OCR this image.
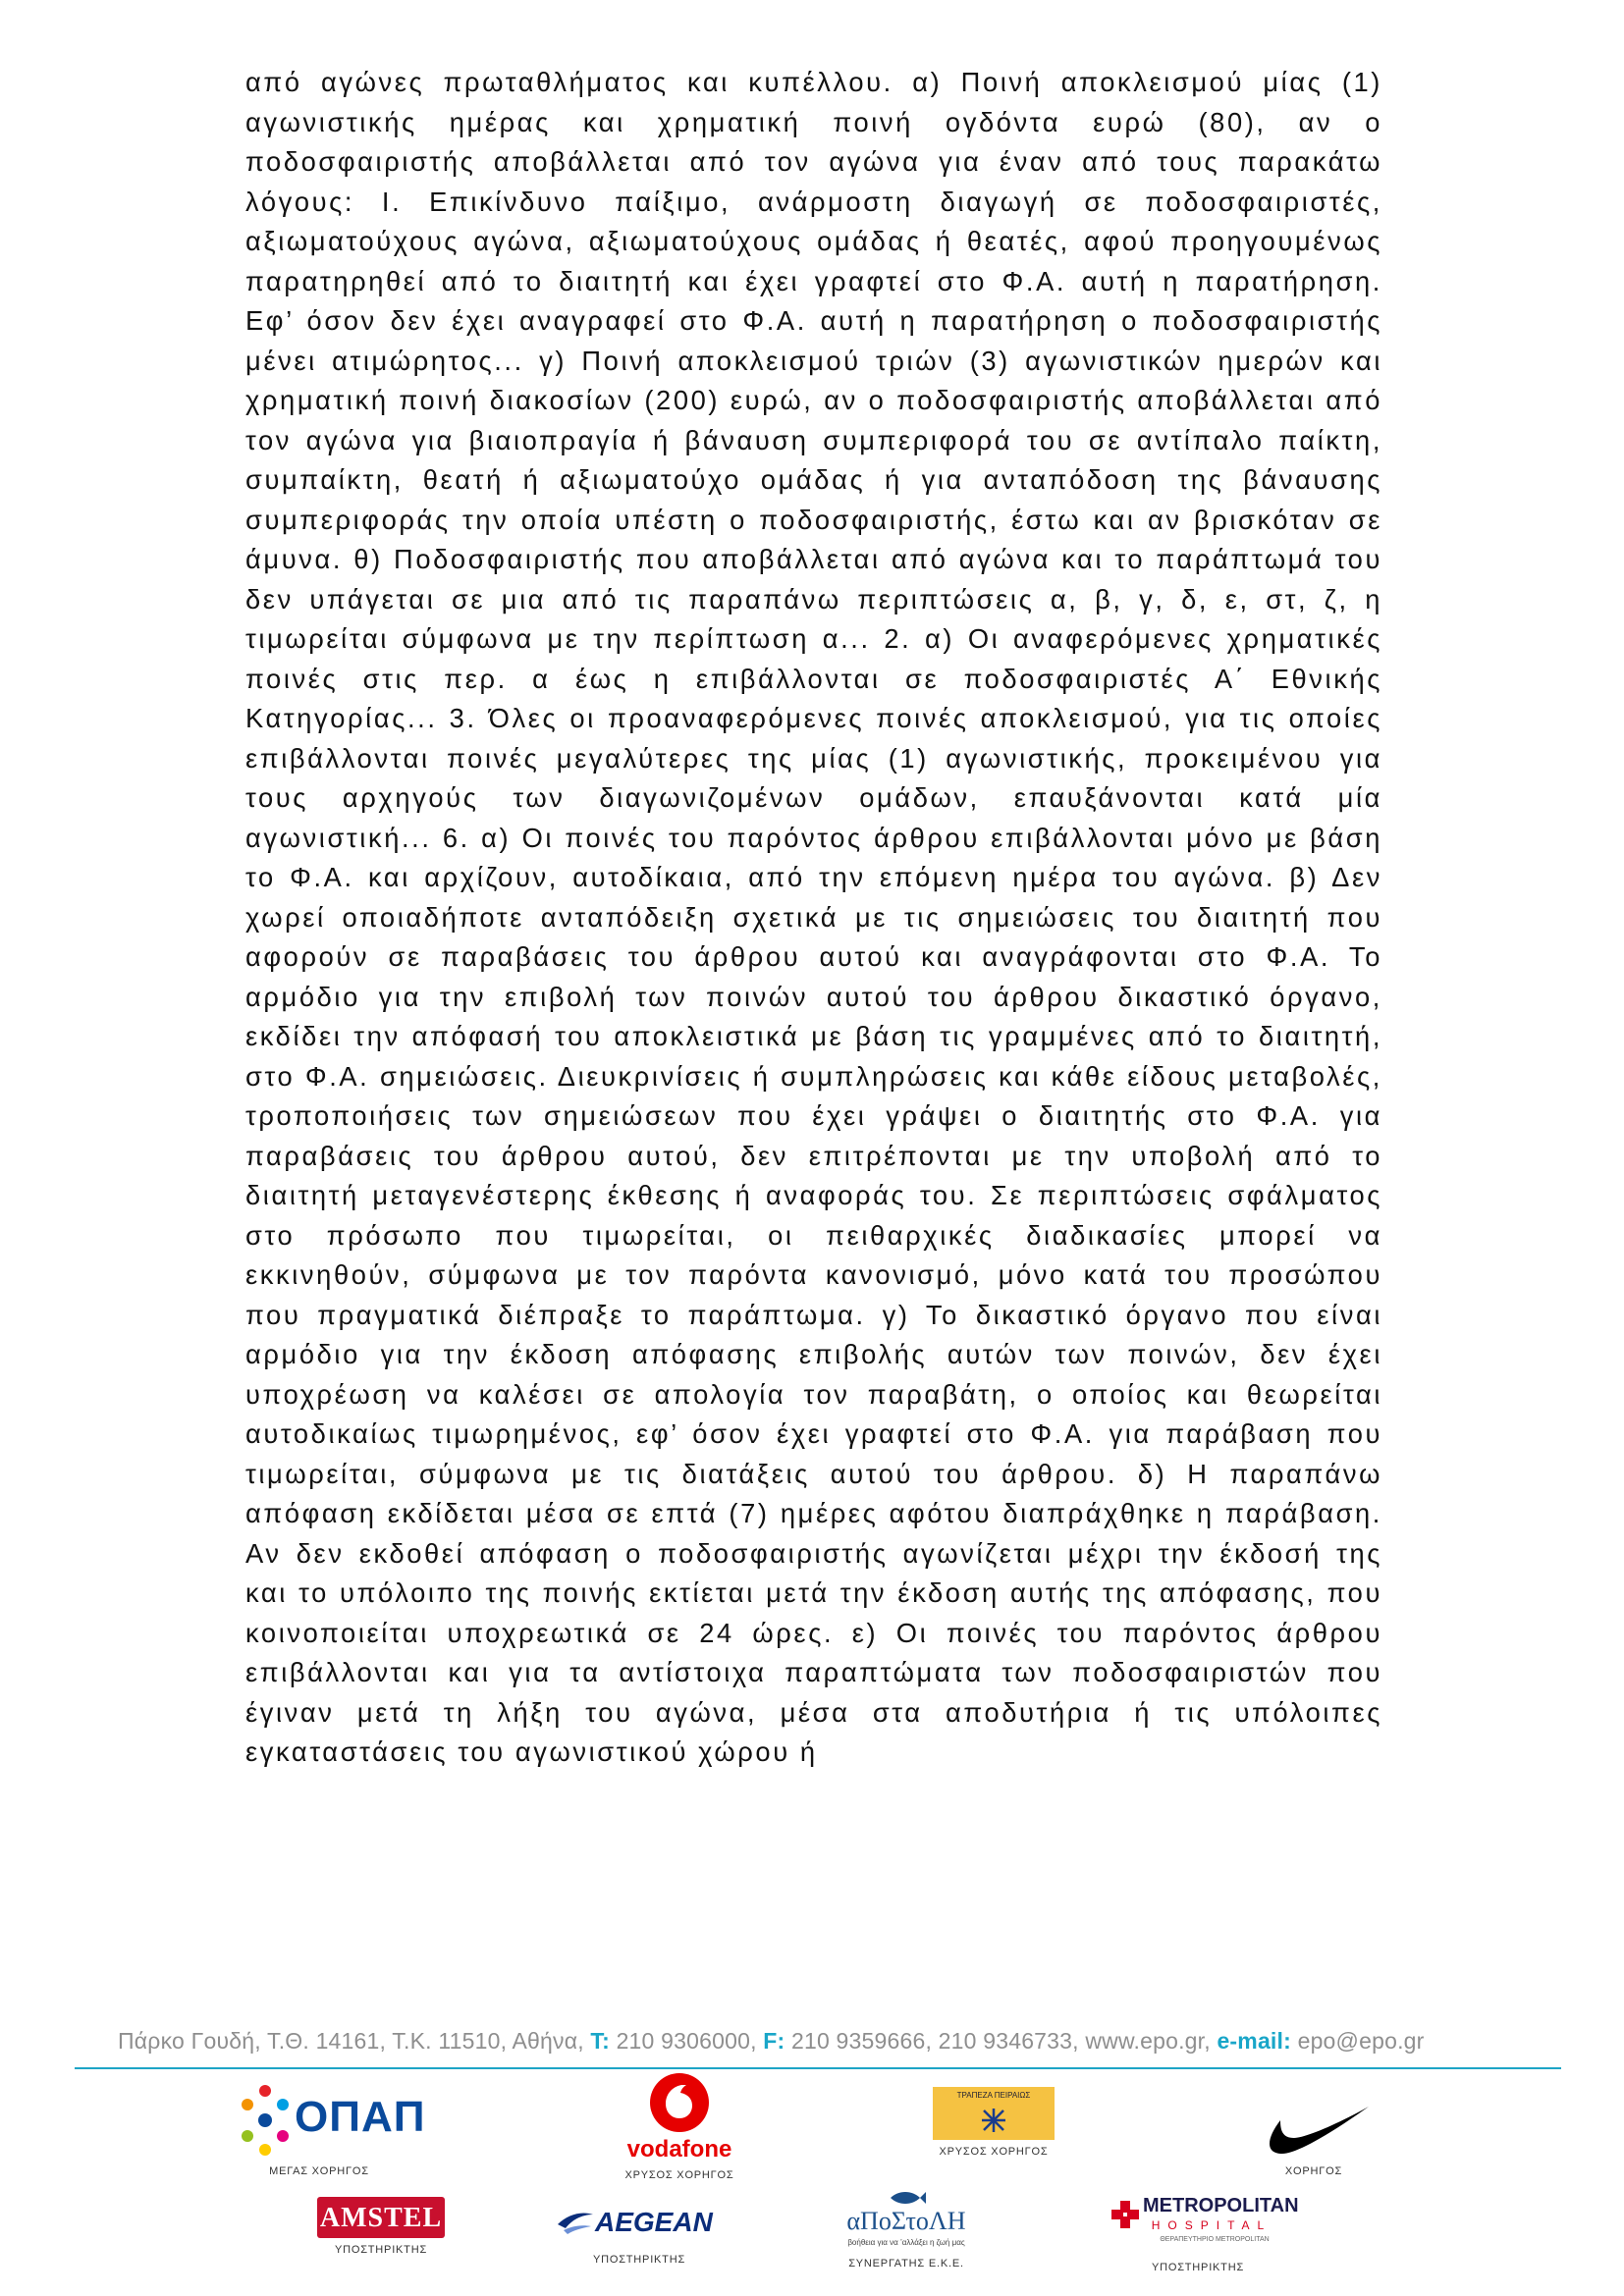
από αγώνες πρωταθλήματος και κυπέλλου. α) Ποινή αποκλεισμού μίας (1) αγωνιστικής ημέρας και χρηματική ποινή ογδόντα ευρώ (80), αν ο ποδοσφαιριστής αποβάλλεται από τον αγώνα για έναν από τους παρακάτω λόγους: Ι. Επικίνδυνο παίξιμο, ανάρμοστη διαγωγή σε ποδοσφαιριστές, αξιωματούχους αγώνα, αξιωματούχους ομάδας ή θεατές, αφού προηγουμένως παρατηρηθεί από το διαιτητή και έχει γραφτεί στο Φ.Α. αυτή η παρατήρηση. Εφ’ όσον δεν έχει αναγραφεί στο Φ.Α. αυτή η παρατήρηση ο ποδοσφαιριστής μένει ατιμώρητος... γ) Ποινή αποκλεισμού τριών (3) αγωνιστικών ημερών και χρηματική ποινή διακοσίων (200) ευρώ, αν ο ποδοσφαιριστής αποβάλλεται από τον αγώνα για βιαιοπραγία ή βάναυση συμπεριφορά του σε αντίπαλο παίκτη, συμπαίκτη, θεατή ή αξιωματούχο ομάδας ή για ανταπόδοση της βάναυσης συμπεριφοράς την οποία υπέστη ο ποδοσφαιριστής, έστω και αν βρισκόταν σε άμυνα. θ) Ποδοσφαιριστής που αποβάλλεται από αγώνα και το παράπτωμά του δεν υπάγεται σε μια από τις παραπάνω περιπτώσεις α, β, γ, δ, ε, στ, ζ, η τιμωρείται σύμφωνα με την περίπτωση α... 2. α) Οι αναφερόμενες χρηματικές ποινές στις περ. α έως η επιβάλλονται σε ποδοσφαιριστές Α΄ Εθνικής Κατηγορίας... 3. Όλες οι προαναφερόμενες ποινές αποκλεισμού, για τις οποίες επιβάλλονται ποινές μεγαλύτερες της μίας (1) αγωνιστικής, προκειμένου για τους αρχηγούς των διαγωνιζομένων ομάδων, επαυξάνονται κατά μία αγωνιστική... 6. α) Οι ποινές του παρόντος άρθρου επιβάλλονται μόνο με βάση το Φ.Α. και αρχίζουν, αυτοδίκαια, από την επόμενη ημέρα του αγώνα. β) Δεν χωρεί οποιαδήποτε ανταπόδειξη σχετικά με τις σημειώσεις του διαιτητή που αφορούν σε παραβάσεις του άρθρου αυτού και αναγράφονται στο Φ.Α. Το αρμόδιο για την επιβολή των ποινών αυτού του άρθρου δικαστικό όργανο, εκδίδει την απόφασή του αποκλειστικά με βάση τις γραμμένες από το διαιτητή, στο Φ.Α. σημειώσεις. Διευκρινίσεις ή συμπληρώσεις και κάθε είδους μεταβολές, τροποποιήσεις των σημειώσεων που έχει γράψει ο διαιτητής στο Φ.Α. για παραβάσεις του άρθρου αυτού, δεν επιτρέπονται με την υποβολή από το διαιτητή μεταγενέστερης έκθεσης ή αναφοράς του. Σε περιπτώσεις σφάλματος στο πρόσωπο που τιμωρείται, οι πειθαρχικές διαδικασίες μπορεί να εκκινηθούν, σύμφωνα με τον παρόντα κανονισμό, μόνο κατά του προσώπου που πραγματικά διέπραξε το παράπτωμα. γ) Το δικαστικό όργανο που είναι αρμόδιο για την έκδοση απόφασης επιβολής αυτών των ποινών, δεν έχει υποχρέωση να καλέσει σε απολογία τον παραβάτη, ο οποίος και θεωρείται αυτοδικαίως τιμωρημένος, εφ’ όσον έχει γραφτεί στο Φ.Α. για παράβαση που τιμωρείται, σύμφωνα με τις διατάξεις αυτού του άρθρου. δ) Η παραπάνω απόφαση εκδίδεται μέσα σε επτά (7) ημέρες αφότου διαπράχθηκε η παράβαση. Αν δεν εκδοθεί απόφαση ο ποδοσφαιριστής αγωνίζεται μέχρι την έκδοσή της και το υπόλοιπο της ποινής εκτίεται μετά την έκδοση αυτής της απόφασης, που κοινοποιείται υποχρεωτικά σε 24 ώρες. ε) Οι ποινές του παρόντος άρθρου επιβάλλονται και για τα αντίστοιχα παραπτώματα των ποδοσφαιριστών που έγιναν μετά τη λήξη του αγώνα, μέσα στα αποδυτήρια ή τις υπόλοιπες εγκαταστάσεις του αγωνιστικού χώρου ή

Πάρκο Γουδή, Τ.Θ. 14161, Τ.Κ. 11510, Αθήνα, T: 210 9306000, F: 210 9359666, 210 9346733, www.epo.gr, e-mail: epo@epo.gr
ΟΠΑΠ
ΜΕΓΑΣ ΧΟΡΗΓΟΣ
vodafone
ΧΡΥΣΟΣ ΧΟΡΗΓΟΣ
ΤΡΑΠΕΖΑ ΠΕΙΡΑΙΩΣ
ΧΡΥΣΟΣ ΧΟΡΗΓΟΣ
ΧΟΡΗΓΟΣ
AMSTEL
ΥΠΟΣΤΗΡΙΚΤΗΣ
AEGEAN
ΥΠΟΣΤΗΡΙΚΤΗΣ
αΠοΣτοΛΗ
βοήθεια για να ’αλλάξει η ζωή μας
ΣΥΝΕΡΓΑΤΗΣ Ε.Κ.Ε.
METROPOLITAN
HOSPITAL
ΘΕΡΑΠΕΥΤΗΡΙΟ METROPOLITAN
ΥΠΟΣΤΗΡΙΚΤΗΣ
